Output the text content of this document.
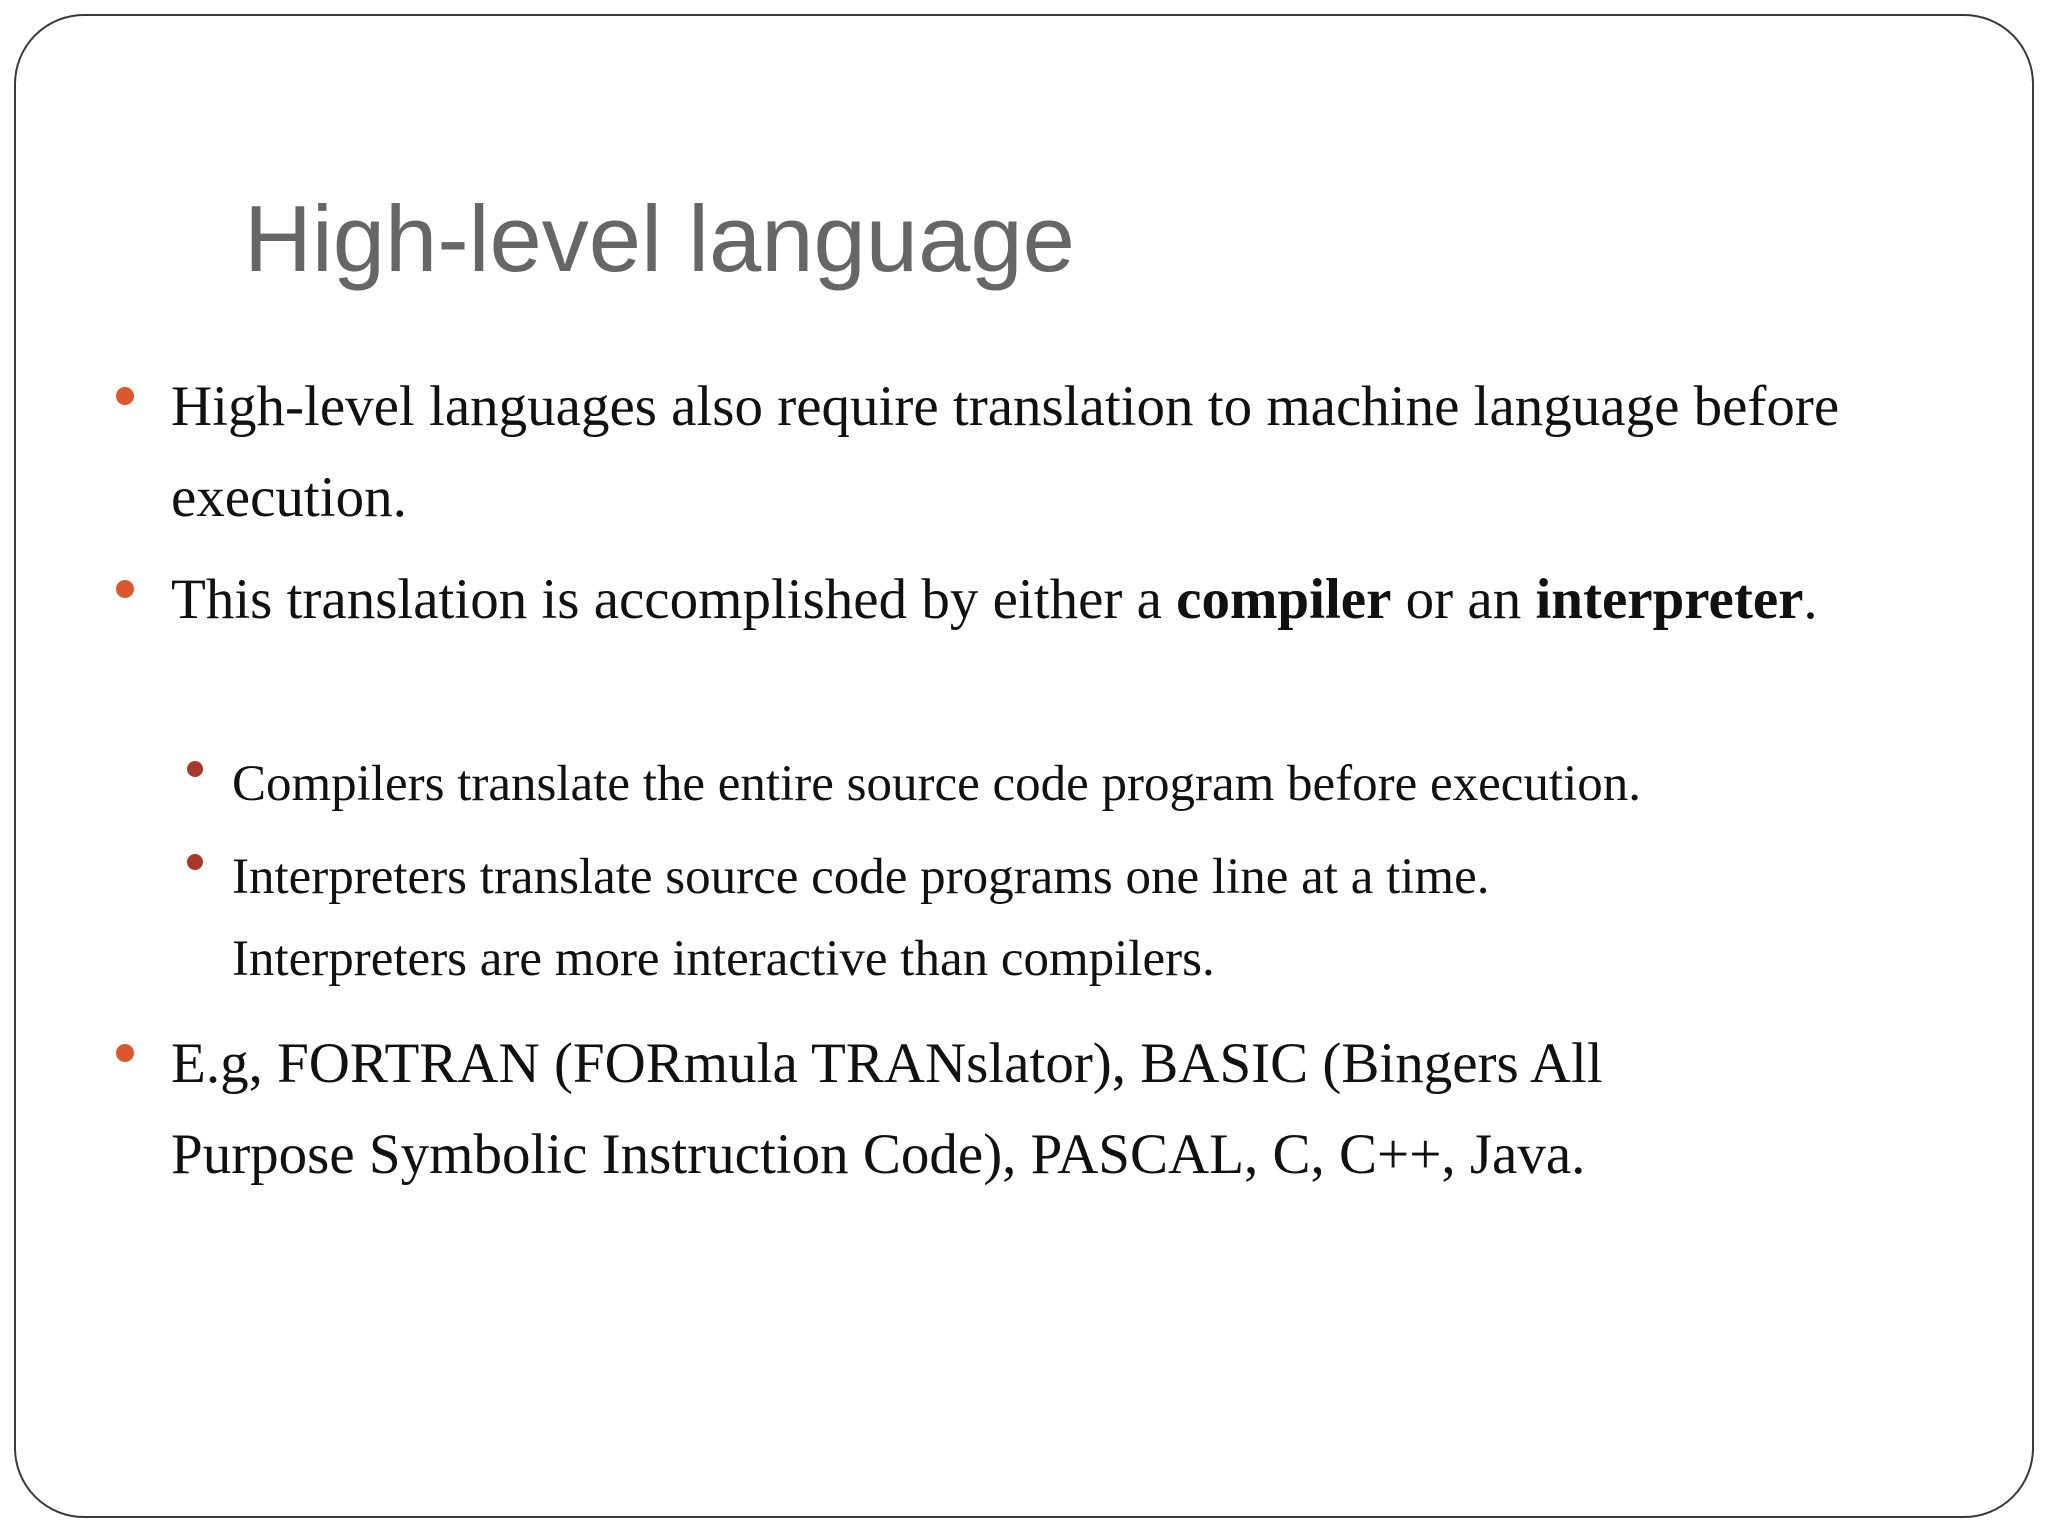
High-level language
High-level languages also require translation to machine language before execution.
This translation is accomplished by either a compiler or an interpreter.
Compilers translate the entire source code program before execution.
Interpreters translate source code programs one line at a time.
Interpreters are more interactive than compilers.
E.g, FORTRAN (FORmula TRANslator), BASIC (Bingers All
Purpose Symbolic Instruction Code), PASCAL, C, C++, Java.
